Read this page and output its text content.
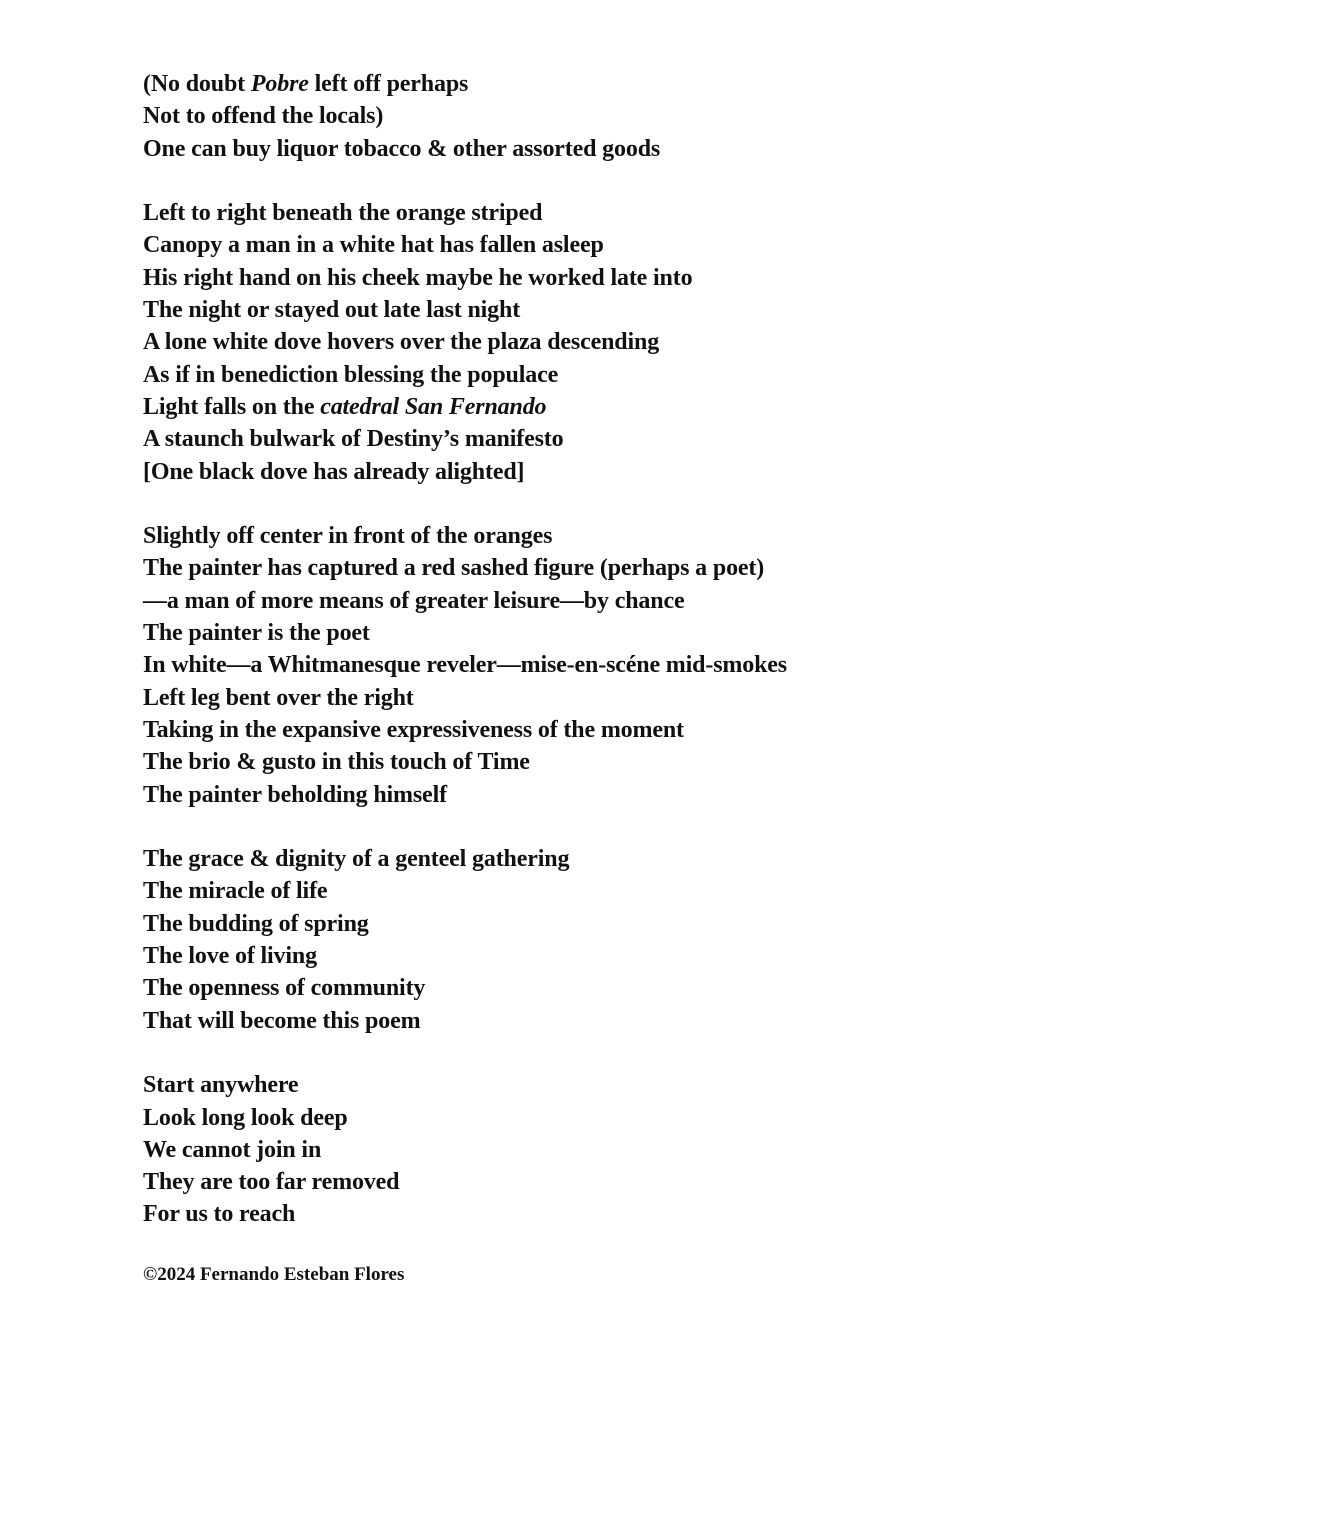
(No doubt Pobre left off perhaps
Not to offend the locals)
One can buy liquor tobacco & other assorted goods
Left to right beneath the orange striped
Canopy a man in a white hat has fallen asleep
His right hand on his cheek maybe he worked late into
The night or stayed out late last night
A lone white dove hovers over the plaza descending
As if in benediction blessing the populace
Light falls on the catedral San Fernando
A staunch bulwark of Destiny’s manifesto
[One black dove has already alighted]
Slightly off center in front of the oranges
The painter has captured a red sashed figure (perhaps a poet)
—a man of more means of greater leisure—by chance
The painter is the poet
In white—a Whitmanesque reveler—mise-en-scéne mid-smokes
Left leg bent over the right
Taking in the expansive expressiveness of the moment
The brio & gusto in this touch of Time
The painter beholding himself
The grace & dignity of a genteel gathering
The miracle of life
The budding of spring
The love of living
The openness of community
That will become this poem
Start anywhere
Look long look deep
We cannot join in
They are too far removed
For us to reach
©2024 Fernando Esteban Flores
